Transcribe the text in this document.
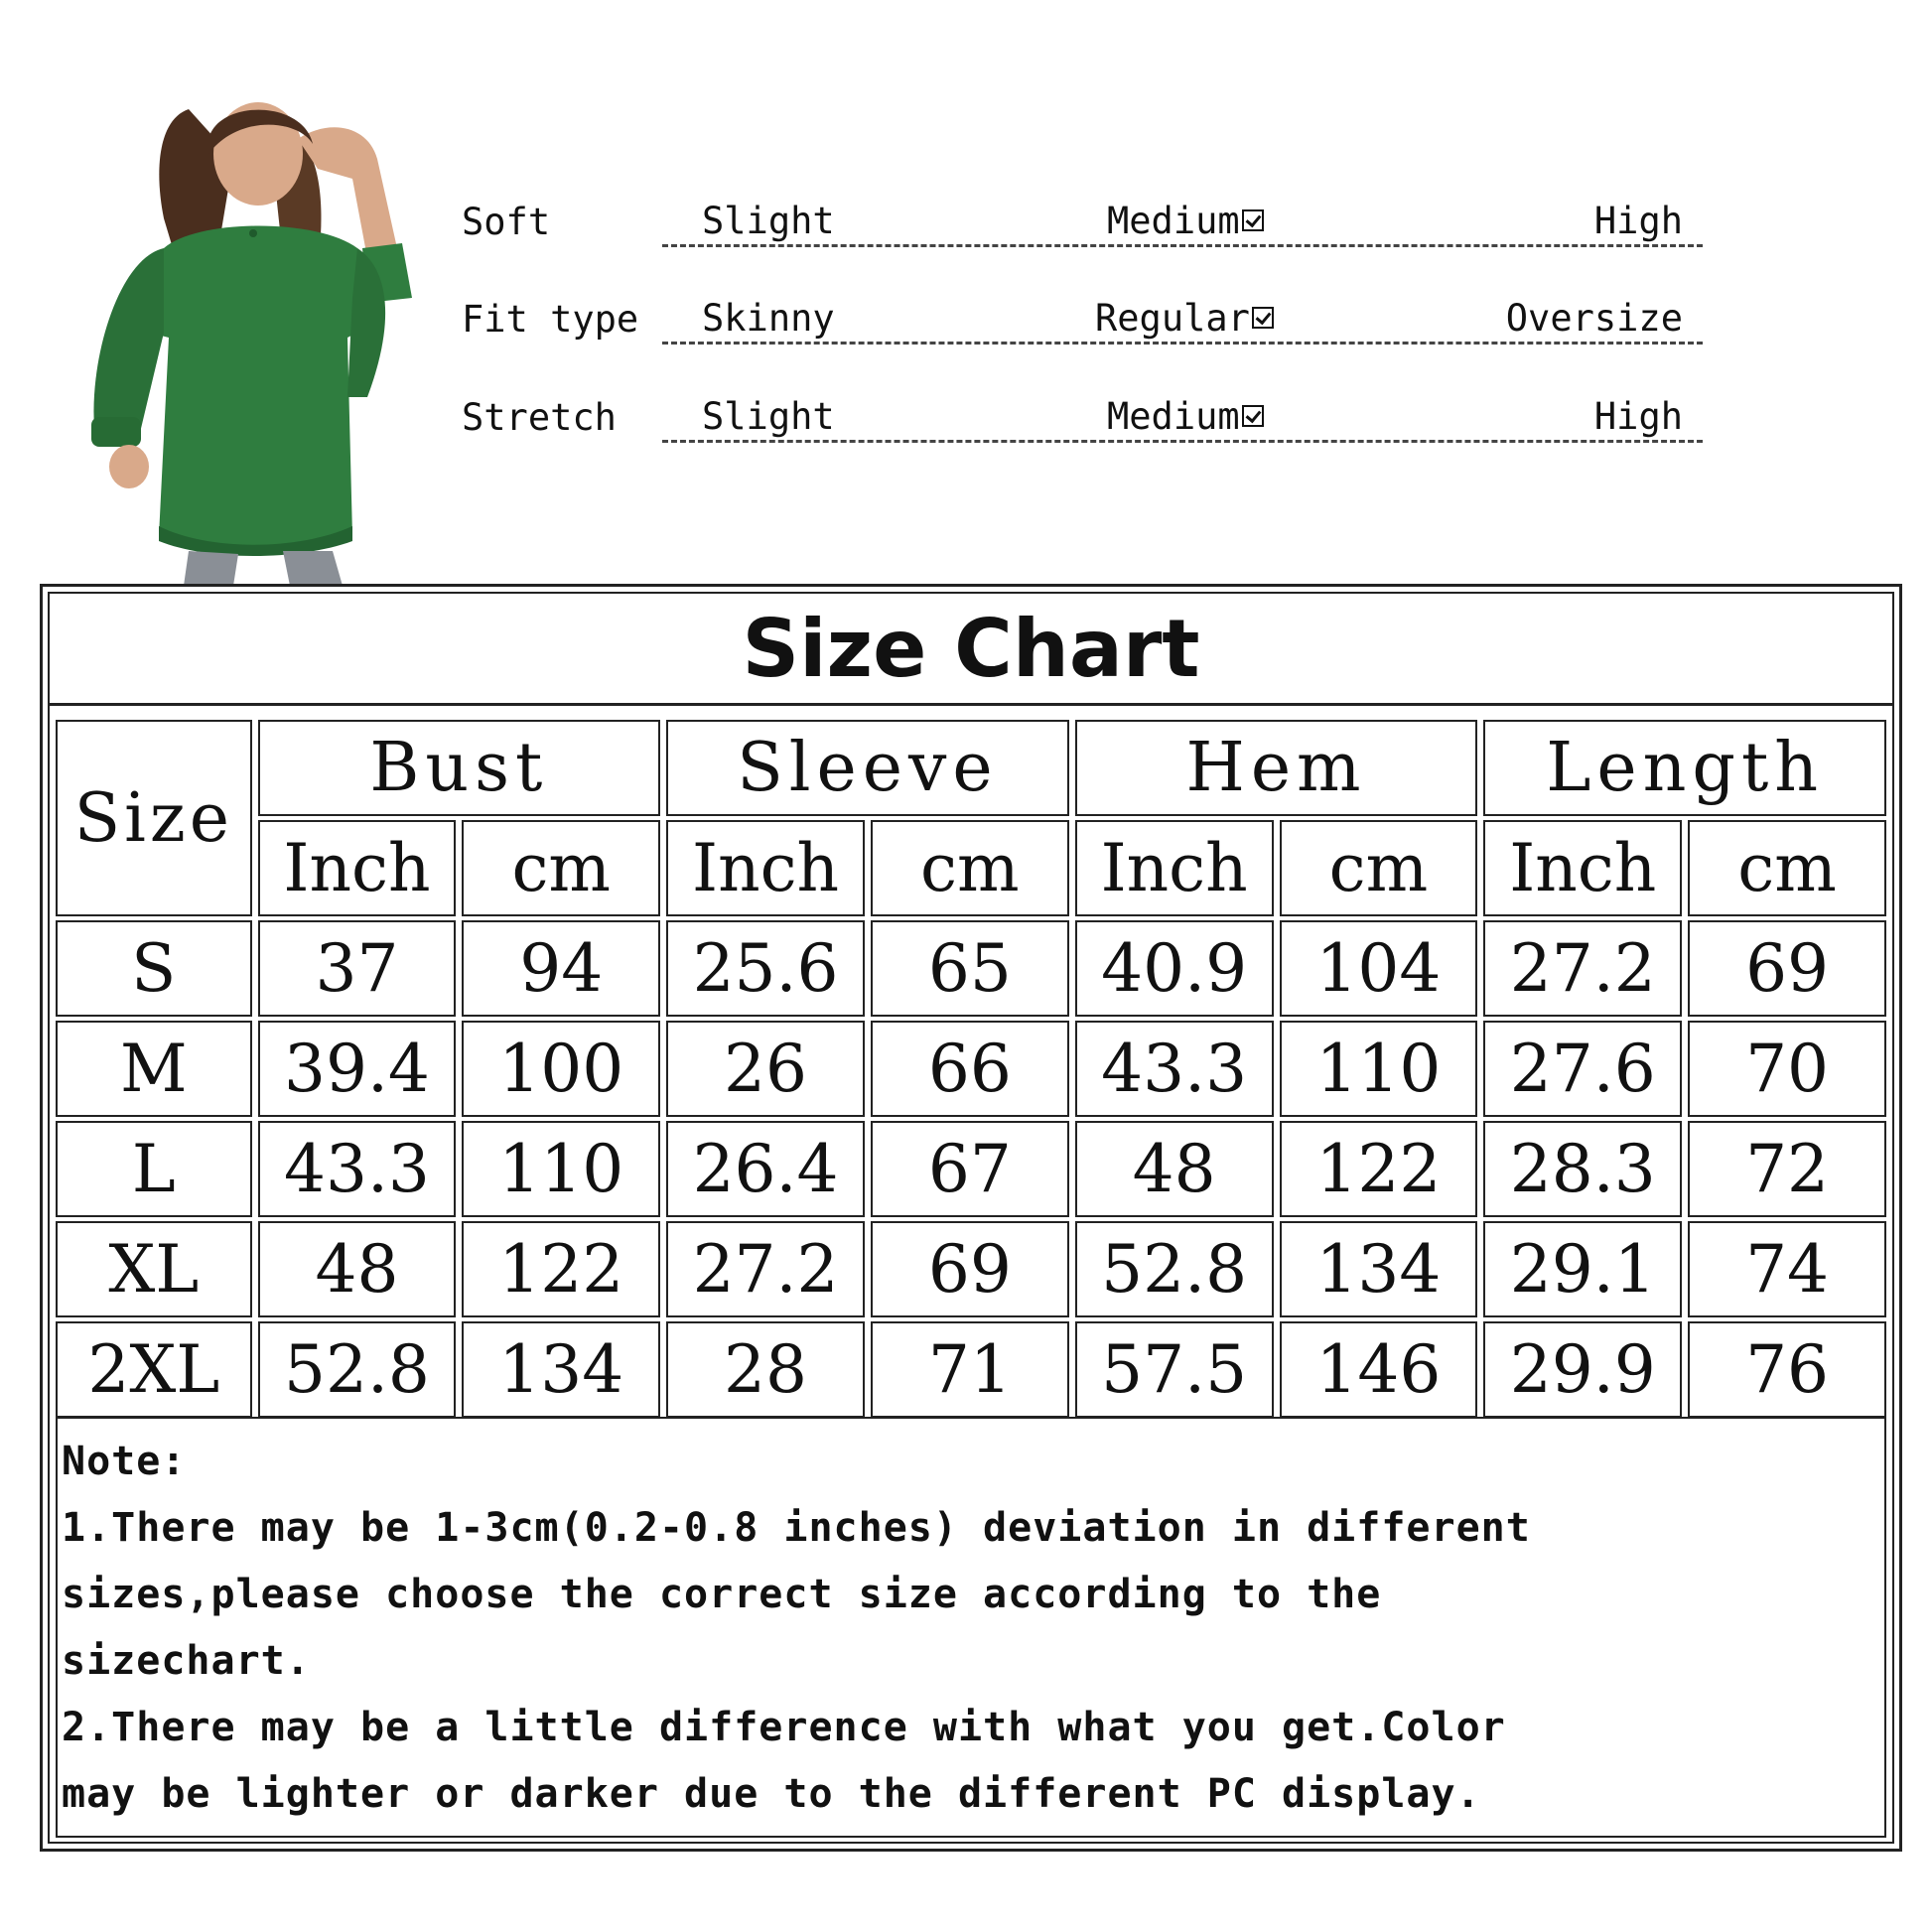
Soft	Slight	Medium	High
Fit type Skinny	Regular	Oversize
Stretch Slight	Medium	High
Size Chart
Size	Bust		Sleeve		Hem		Length	
	Inch	cm	Inch	cm	Inch	cm	Inch	cm
S	37	94	25.6	65	40.9	104	27.2	69
M	39.4	100	26	66	43.3	110	27.6	70
L	43.3	110	26.4	67	48	122	28.3	72
XL	48	122	27.2	69	52.8	134	29.1	74
2XL	52.8	134	28	71	57.5	146	29.9	76
Note:
1.There may be 1-3cm(0.2-0.8 inches) deviation in different
sizes,please choose the correct size according to the
sizechart.
2.There may be a little difference with what you get.Color
may be lighter or darker due to the different PC display.
